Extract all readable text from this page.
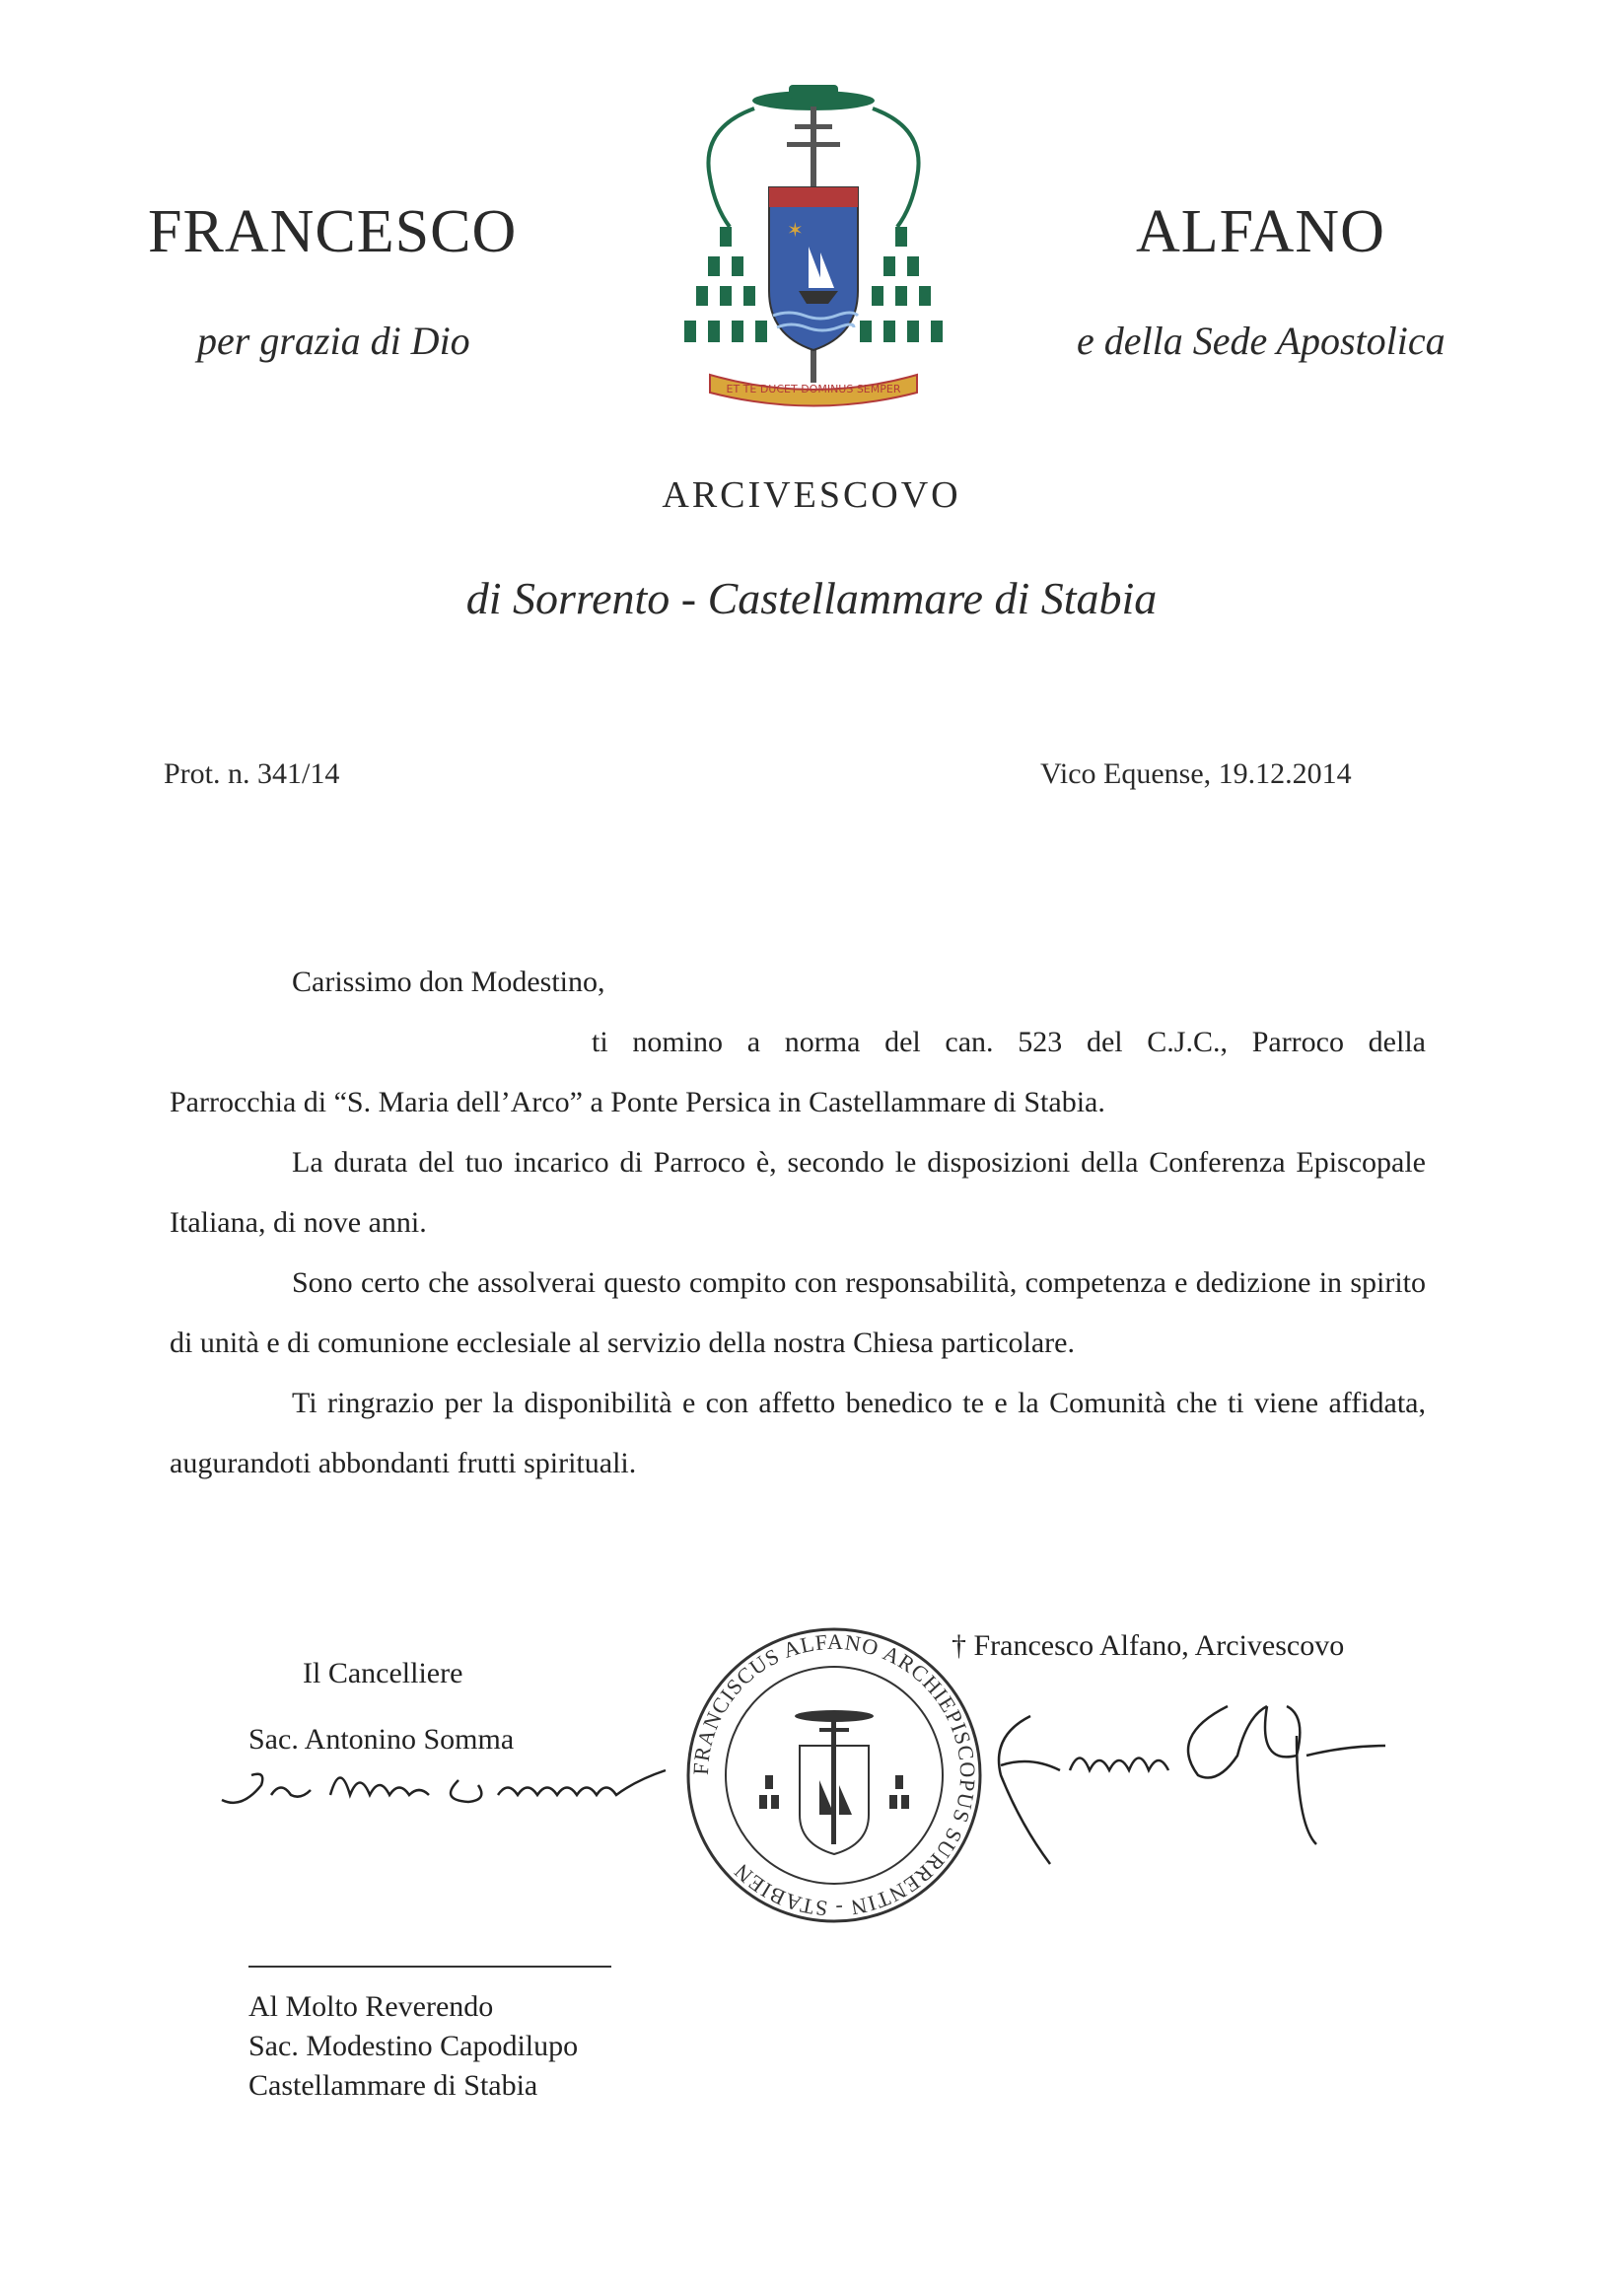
FRANCESCO	ALFANO
per grazia di Dio	e della Sede Apostolica
✶
ET TE DUCET DOMINUS SEMPER
ARCIVESCOVO
di Sorrento - Castellammare di Stabia
Prot. n. 341/14	Vico Equense, 19.12.2014

Carissimo don Modestino,

ti nomino a norma del can. 523 del C.J.C., Parroco della

Parrocchia di “S. Maria dell’Arco” a Ponte Persica in Castellammare di Stabia.

La durata del tuo incarico di Parroco è, secondo le disposizioni della Conferenza Episcopale Italiana, di nove anni.

Sono certo che assolverai questo compito con responsabilità, competenza e dedizione in spirito di unità e di comunione ecclesiale al servizio della nostra Chiesa particolare.

Ti ringrazio per la disponibilità e con affetto benedico te e la Comunità che ti viene affidata, augurandoti abbondanti frutti spirituali.

Il Cancelliere
Sac. Antonino Somma
† Francesco Alfano, Arcivescovo
FRANCISCUS ALFANO ARCHIEPISCOPUS SURRENTIN - STABIEN
Al Molto Reverendo
Sac. Modestino Capodilupo
Castellammare di Stabia
